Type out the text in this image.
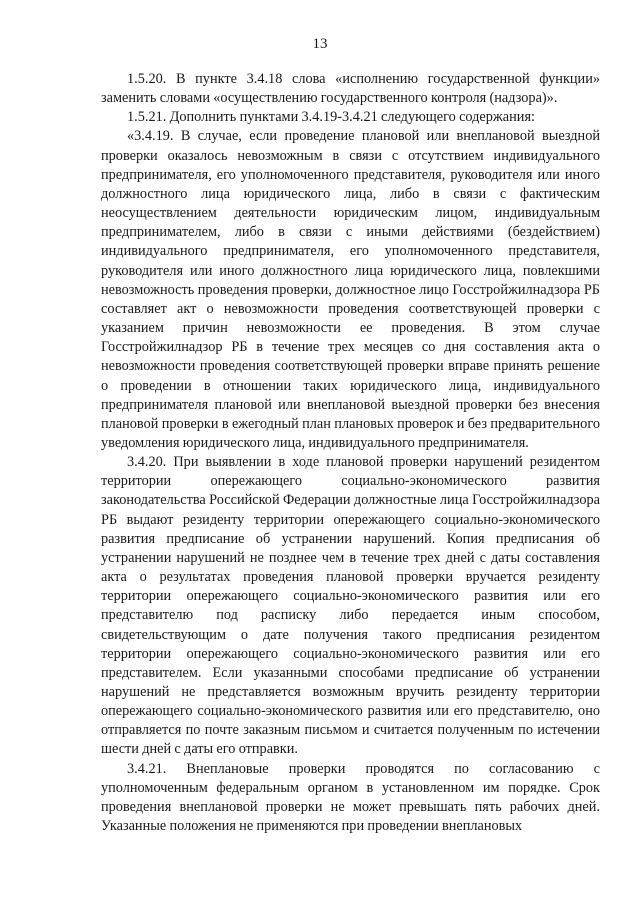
13

1.5.20. В пункте 3.4.18 слова «исполнению государственной функции» заменить словами «осуществлению государственного контроля (надзора)».

1.5.21. Дополнить пунктами 3.4.19-3.4.21 следующего содержания:

«3.4.19. В случае, если проведение плановой или внеплановой выездной проверки оказалось невозможным в связи с отсутствием индивидуального предпринимателя, его уполномоченного представителя, руководителя или иного должностного лица юридического лица, либо в связи с фактическим неосуществлением деятельности юридическим лицом, индивидуальным предпринимателем, либо в связи с иными действиями (бездействием) индивидуального предпринимателя, его уполномоченного представителя, руководителя или иного должностного лица юридического лица, повлекшими невозможность проведения проверки, должностное лицо Госстройжилнадзора РБ составляет акт о невозможности проведения соответствующей проверки с указанием причин невозможности ее проведения. В этом случае Госстройжилнадзор РБ в течение трех месяцев со дня составления акта о невозможности проведения соответствующей проверки вправе принять решение о проведении в отношении таких юридического лица, индивидуального предпринимателя плановой или внеплановой выездной проверки без внесения плановой проверки в ежегодный план плановых проверок и без предварительного уведомления юридического лица, индивидуального предпринимателя.

3.4.20. При выявлении в ходе плановой проверки нарушений резидентом территории опережающего социально-экономического развития законодательства Российской Федерации должностные лица Госстройжилнадзора РБ выдают резиденту территории опережающего социально-экономического развития предписание об устранении нарушений. Копия предписания об устранении нарушений не позднее чем в течение трех дней с даты составления акта о результатах проведения плановой проверки вручается резиденту территории опережающего социально-экономического развития или его представителю под расписку либо передается иным способом, свидетельствующим о дате получения такого предписания резидентом территории опережающего социально-экономического развития или его представителем. Если указанными способами предписание об устранении нарушений не представляется возможным вручить резиденту территории опережающего социально-экономического развития или его представителю, оно отправляется по почте заказным письмом и считается полученным по истечении шести дней с даты его отправки.

3.4.21. Внеплановые проверки проводятся по согласованию с уполномоченным федеральным органом в установленном им порядке. Срок проведения внеплановой проверки не может превышать пять рабочих дней. Указанные положения не применяются при проведении внеплановых
